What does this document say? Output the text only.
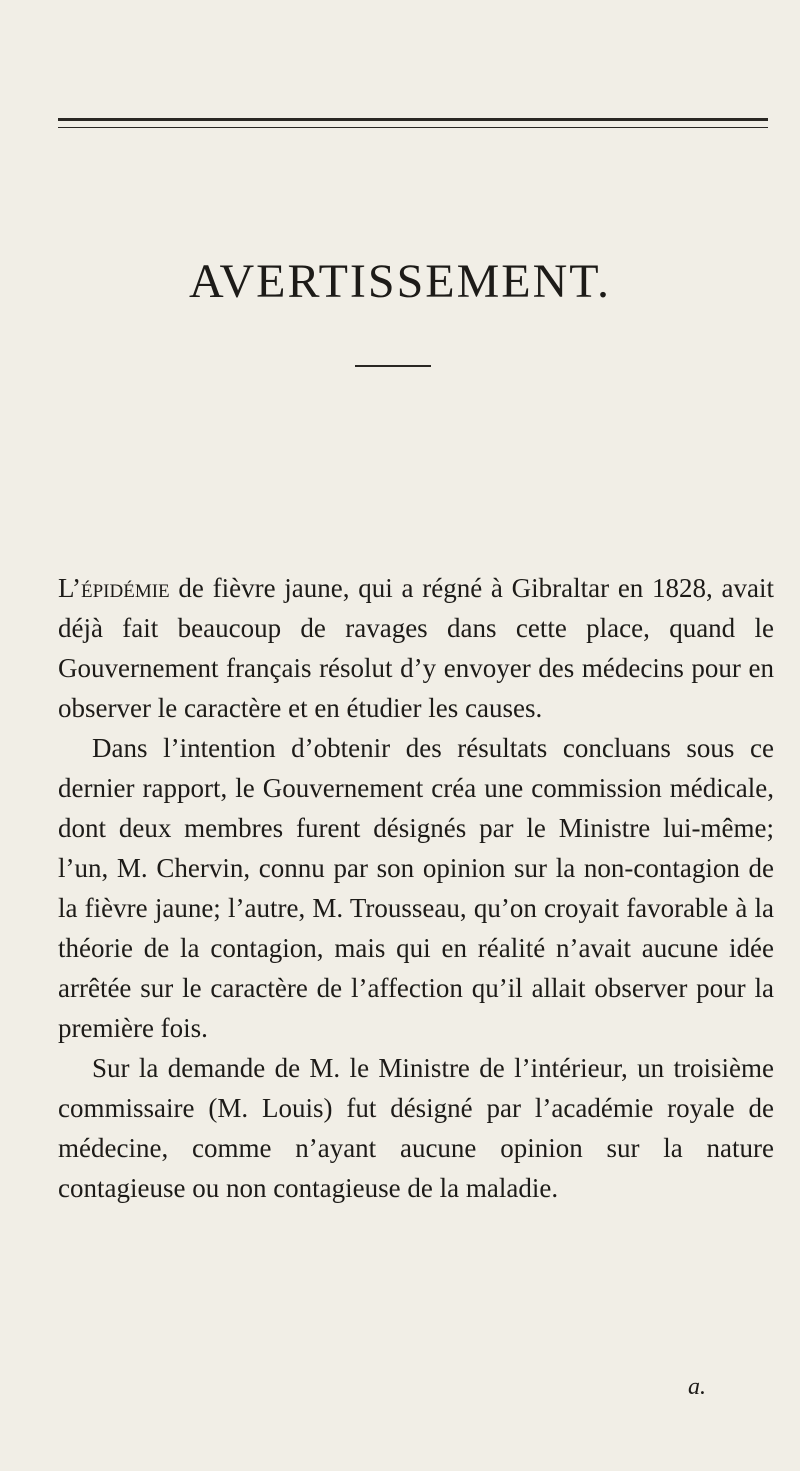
AVERTISSEMENT.

L’épidémie de fièvre jaune, qui a régné à Gibraltar en 1828, avait déjà fait beaucoup de ravages dans cette place, quand le Gouvernement français résolut d’y envoyer des médecins pour en observer le caractère et en étudier les causes.

Dans l’intention d’obtenir des résultats concluans sous ce dernier rapport, le Gouvernement créa une commission médicale, dont deux membres furent désignés par le Ministre lui-même; l’un, M. Chervin, connu par son opinion sur la non-contagion de la fièvre jaune; l’autre, M. Trousseau, qu’on croyait favorable à la théorie de la contagion, mais qui en réalité n’avait aucune idée arrêtée sur le caractère de l’affection qu’il allait observer pour la première fois.

Sur la demande de M. le Ministre de l’intérieur, un troisième commissaire (M. Louis) fut désigné par l’académie royale de médecine, comme n’ayant aucune opinion sur la nature contagieuse ou non contagieuse de la maladie.

a.
